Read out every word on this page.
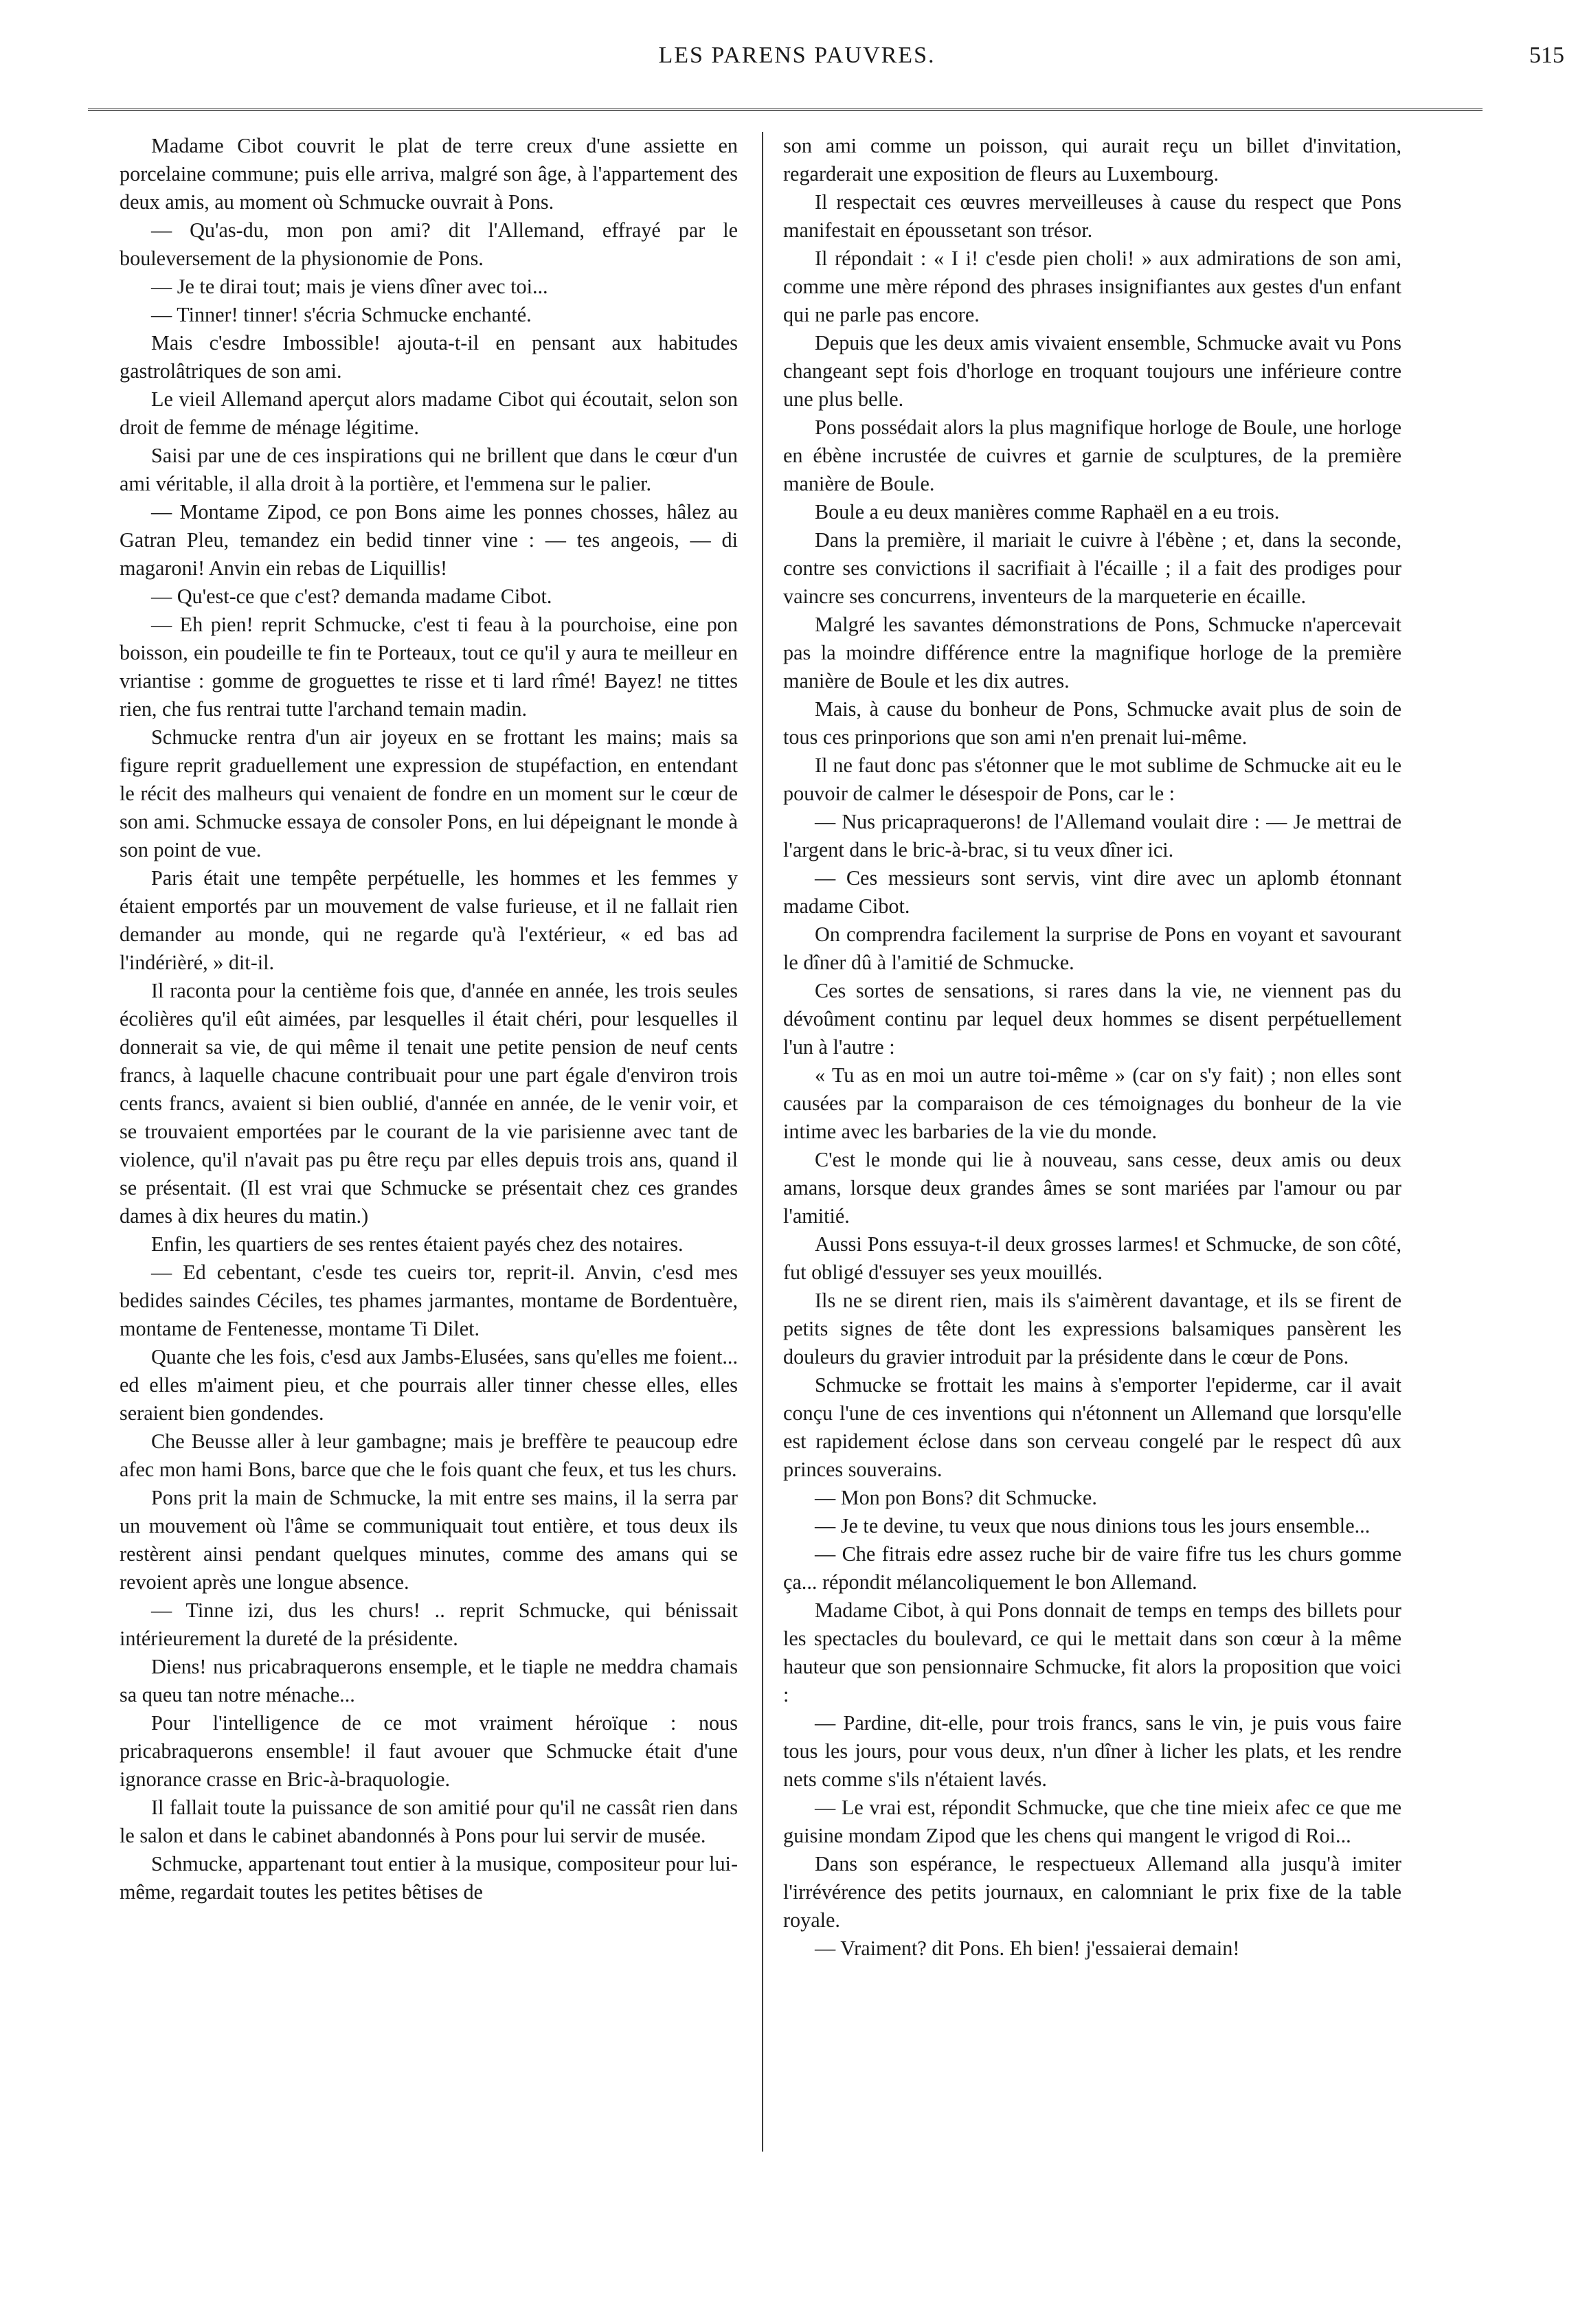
LES PARENS PAUVRES.	515

Madame Cibot couvrit le plat de terre creux d'une assiette en porcelaine commune; puis elle arriva, malgré son âge, à l'appartement des deux amis, au moment où Schmucke ouvrait à Pons.

— Qu'as-du, mon pon ami? dit l'Allemand, effrayé par le bouleversement de la physionomie de Pons.

— Je te dirai tout; mais je viens dîner avec toi...

— Tinner! tinner! s'écria Schmucke enchanté.

Mais c'esdre Imbossible! ajouta-t-il en pensant aux habitudes gastrolâtriques de son ami.

Le vieil Allemand aperçut alors madame Cibot qui écoutait, selon son droit de femme de ménage légitime.

Saisi par une de ces inspirations qui ne brillent que dans le cœur d'un ami véritable, il alla droit à la portière, et l'emmena sur le palier.

— Montame Zipod, ce pon Bons aime les ponnes chosses, hâlez au Gatran Pleu, temandez ein bedid tinner vine : — tes angeois, — di magaroni! Anvin ein rebas de Liquillis!

— Qu'est-ce que c'est? demanda madame Cibot.

— Eh pien! reprit Schmucke, c'est ti feau à la pourchoise, eine pon boisson, ein poudeille te fin te Porteaux, tout ce qu'il y aura te meilleur en vriantise : gomme de groguettes te risse et ti lard rîmé! Bayez! ne tittes rien, che fus rentrai tutte l'archand temain madin.

Schmucke rentra d'un air joyeux en se frottant les mains; mais sa figure reprit graduellement une expression de stupéfaction, en entendant le récit des malheurs qui venaient de fondre en un moment sur le cœur de son ami. Schmucke essaya de consoler Pons, en lui dépeignant le monde à son point de vue.

Paris était une tempête perpétuelle, les hommes et les femmes y étaient emportés par un mouvement de valse furieuse, et il ne fallait rien demander au monde, qui ne regarde qu'à l'extérieur, « ed bas ad l'indérièré, » dit-il.

Il raconta pour la centième fois que, d'année en année, les trois seules écolières qu'il eût aimées, par lesquelles il était chéri, pour lesquelles il donnerait sa vie, de qui même il tenait une petite pension de neuf cents francs, à laquelle chacune contribuait pour une part égale d'environ trois cents francs, avaient si bien oublié, d'année en année, de le venir voir, et se trouvaient emportées par le courant de la vie parisienne avec tant de violence, qu'il n'avait pas pu être reçu par elles depuis trois ans, quand il se présentait. (Il est vrai que Schmucke se présentait chez ces grandes dames à dix heures du matin.)

Enfin, les quartiers de ses rentes étaient payés chez des notaires.

— Ed cebentant, c'esde tes cueirs tor, reprit-il. Anvin, c'esd mes bedides saindes Céciles, tes phames jarmantes, montame de Bordentuère, montame de Fentenesse, montame Ti Dilet.

Quante che les fois, c'esd aux Jambs-Elusées, sans qu'elles me foient... ed elles m'aiment pieu, et che pourrais aller tinner chesse elles, elles seraient bien gondendes.

Che Beusse aller à leur gambagne; mais je breffère te peaucoup edre afec mon hami Bons, barce que che le fois quant che feux, et tus les churs.

Pons prit la main de Schmucke, la mit entre ses mains, il la serra par un mouvement où l'âme se communiquait tout entière, et tous deux ils restèrent ainsi pendant quelques minutes, comme des amans qui se revoient après une longue absence.

— Tinne izi, dus les churs! .. reprit Schmucke, qui bénissait intérieurement la dureté de la présidente.

Diens! nus pricabraquerons ensemple, et le tiaple ne meddra chamais sa queu tan notre ménache...

Pour l'intelligence de ce mot vraiment héroïque : nous pricabraquerons ensemble! il faut avouer que Schmucke était d'une ignorance crasse en Bric-à-braquologie.

Il fallait toute la puissance de son amitié pour qu'il ne cassât rien dans le salon et dans le cabinet abandonnés à Pons pour lui servir de musée.

Schmucke, appartenant tout entier à la musique, compositeur pour lui-même, regardait toutes les petites bêtises de

son ami comme un poisson, qui aurait reçu un billet d'invitation, regarderait une exposition de fleurs au Luxembourg.

Il respectait ces œuvres merveilleuses à cause du respect que Pons manifestait en époussetant son trésor.

Il répondait : « I i! c'esde pien choli! » aux admirations de son ami, comme une mère répond des phrases insignifiantes aux gestes d'un enfant qui ne parle pas encore.

Depuis que les deux amis vivaient ensemble, Schmucke avait vu Pons changeant sept fois d'horloge en troquant toujours une inférieure contre une plus belle.

Pons possédait alors la plus magnifique horloge de Boule, une horloge en ébène incrustée de cuivres et garnie de sculptures, de la première manière de Boule.

Boule a eu deux manières comme Raphaël en a eu trois.

Dans la première, il mariait le cuivre à l'ébène ; et, dans la seconde, contre ses convictions il sacrifiait à l'écaille ; il a fait des prodiges pour vaincre ses concurrens, inventeurs de la marqueterie en écaille.

Malgré les savantes démonstrations de Pons, Schmucke n'apercevait pas la moindre différence entre la magnifique horloge de la première manière de Boule et les dix autres.

Mais, à cause du bonheur de Pons, Schmucke avait plus de soin de tous ces prinporions que son ami n'en prenait lui-même.

Il ne faut donc pas s'étonner que le mot sublime de Schmucke ait eu le pouvoir de calmer le désespoir de Pons, car le :

— Nus pricapraquerons! de l'Allemand voulait dire : — Je mettrai de l'argent dans le bric-à-brac, si tu veux dîner ici.

— Ces messieurs sont servis, vint dire avec un aplomb étonnant madame Cibot.

On comprendra facilement la surprise de Pons en voyant et savourant le dîner dû à l'amitié de Schmucke.

Ces sortes de sensations, si rares dans la vie, ne viennent pas du dévoûment continu par lequel deux hommes se disent perpétuellement l'un à l'autre :

« Tu as en moi un autre toi-même » (car on s'y fait) ; non elles sont causées par la comparaison de ces témoignages du bonheur de la vie intime avec les barbaries de la vie du monde.

C'est le monde qui lie à nouveau, sans cesse, deux amis ou deux amans, lorsque deux grandes âmes se sont mariées par l'amour ou par l'amitié.

Aussi Pons essuya-t-il deux grosses larmes! et Schmucke, de son côté, fut obligé d'essuyer ses yeux mouillés.

Ils ne se dirent rien, mais ils s'aimèrent davantage, et ils se firent de petits signes de tête dont les expressions balsamiques pansèrent les douleurs du gravier introduit par la présidente dans le cœur de Pons.

Schmucke se frottait les mains à s'emporter l'epiderme, car il avait conçu l'une de ces inventions qui n'étonnent un Allemand que lorsqu'elle est rapidement éclose dans son cerveau congelé par le respect dû aux princes souverains.

— Mon pon Bons? dit Schmucke.

— Je te devine, tu veux que nous dinions tous les jours ensemble...

— Che fitrais edre assez ruche bir de vaire fifre tus les churs gomme ça... répondit mélancoliquement le bon Allemand.

Madame Cibot, à qui Pons donnait de temps en temps des billets pour les spectacles du boulevard, ce qui le mettait dans son cœur à la même hauteur que son pensionnaire Schmucke, fit alors la proposition que voici :

— Pardine, dit-elle, pour trois francs, sans le vin, je puis vous faire tous les jours, pour vous deux, n'un dîner à licher les plats, et les rendre nets comme s'ils n'étaient lavés.

— Le vrai est, répondit Schmucke, que che tine mieix afec ce que me guisine mondam Zipod que les chens qui mangent le vrigod di Roi...

Dans son espérance, le respectueux Allemand alla jusqu'à imiter l'irrévérence des petits journaux, en calomniant le prix fixe de la table royale.

— Vraiment? dit Pons. Eh bien! j'essaierai demain!
